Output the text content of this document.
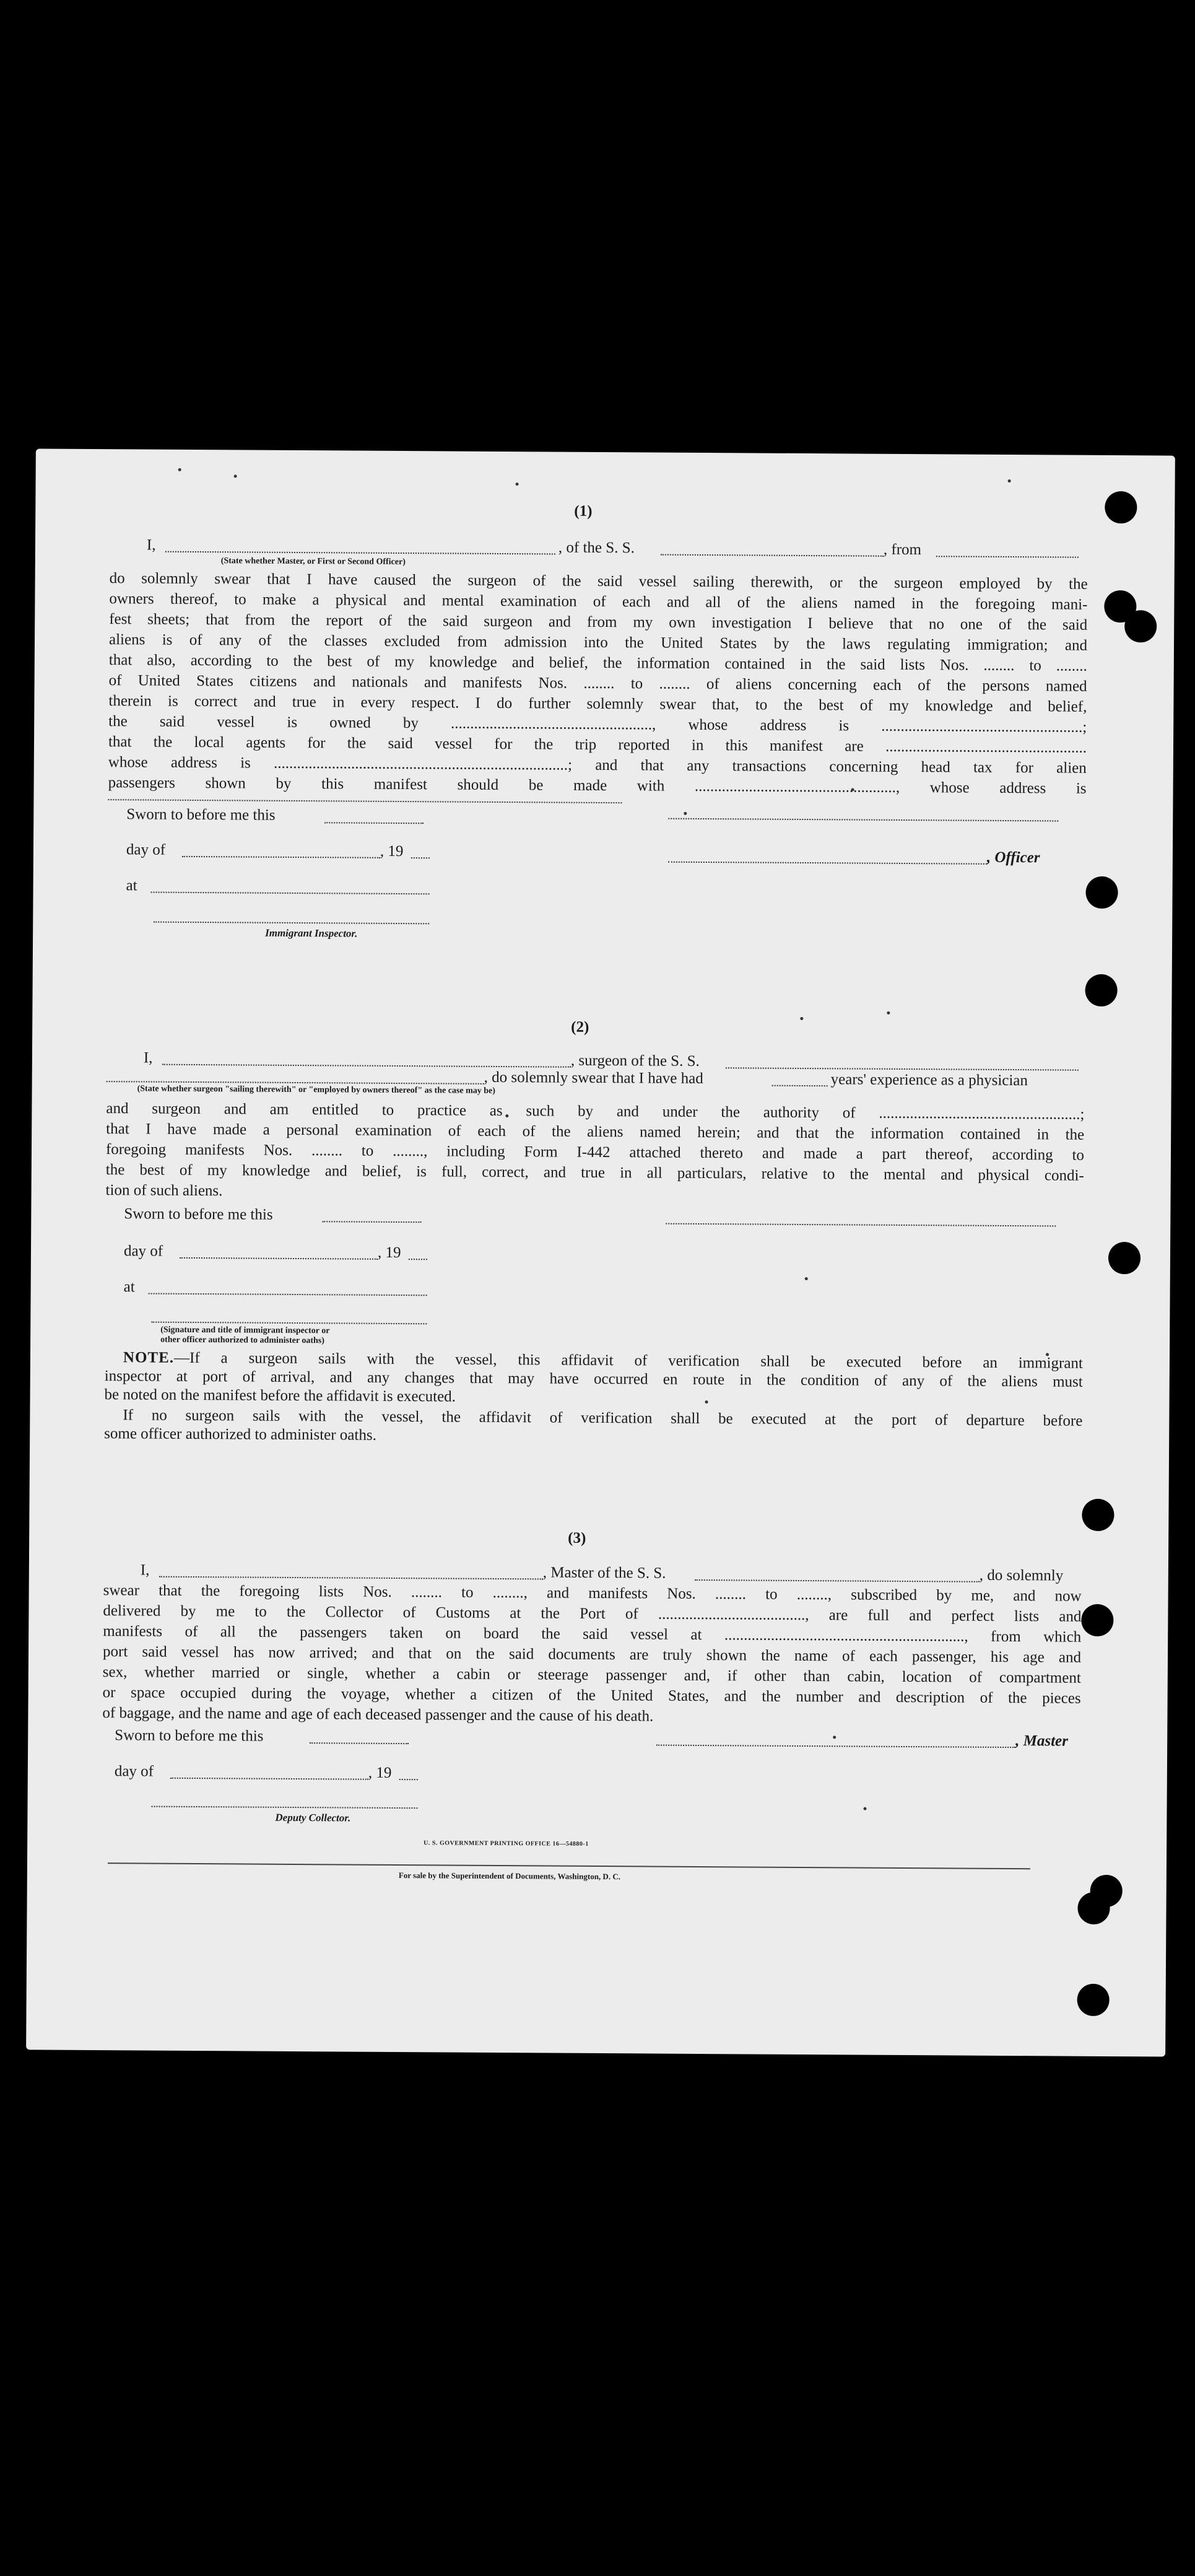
(1)
I,	, of the S. S.	, from
(State whether Master, or First or Second Officer)
do solemnly swear that I have caused the surgeon of the said vessel sailing therewith, or the surgeon employed by the
owners thereof, to make a physical and mental examination of each and all of the aliens named in the foregoing mani-
fest sheets; that from the report of the said surgeon and from my own investigation I believe that no one of the said
aliens is of any of the classes excluded from admission into the United States by the laws regulating immigration; and
that also, according to the best of my knowledge and belief, the information contained in the said lists Nos. ........ to ........
of United States citizens and nationals and manifests Nos. ........ to ........ of aliens concerning each of the persons named
therein is correct and true in every respect. I do further solemnly swear that, to the best of my knowledge and belief,
the said vessel is owned by ...................................................., whose address is ....................................................;
that the local agents for the said vessel for the trip reported in this manifest are ....................................................
whose address is ............................................................................; and that any transactions concerning head tax for alien
passengers shown by this manifest should be made with ...................................................., whose address is
Sworn to before me this
day of	, 19	, Officer
at
Immigrant Inspector.
(2)
I,	, surgeon of the S. S.
, do solemnly swear that I have had	years' experience as a physician
(State whether surgeon "sailing therewith" or "employed by owners thereof" as the case may be)
and surgeon and am entitled to practice as such by and under the authority of ....................................................;
that I have made a personal examination of each of the aliens named herein; and that the information contained in the
foregoing manifests Nos. ........ to ........, including Form I-442 attached thereto and made a part thereof, according to
the best of my knowledge and belief, is full, correct, and true in all particulars, relative to the mental and physical condi-
tion of such aliens.
Sworn to before me this
day of	, 19
at
(Signature and title of immigrant inspector or
other officer authorized to administer oaths)
NOTE.—If a surgeon sails with the vessel, this affidavit of verification shall be executed before an immigrant
inspector at port of arrival, and any changes that may have occurred en route in the condition of any of the aliens must
be noted on the manifest before the affidavit is executed.
If no surgeon sails with the vessel, the affidavit of verification shall be executed at the port of departure before
some officer authorized to administer oaths.
(3)
I,	, Master of the S. S.	, do solemnly
swear that the foregoing lists Nos. ........ to ........, and manifests Nos. ........ to ........, subscribed by me, and now
delivered by me to the Collector of Customs at the Port of ......................................, are full and perfect lists and
manifests of all the passengers taken on board the said vessel at .............................................................., from which
port said vessel has now arrived; and that on the said documents are truly shown the name of each passenger, his age and
sex, whether married or single, whether a cabin or steerage passenger and, if other than cabin, location of compartment
or space occupied during the voyage, whether a citizen of the United States, and the number and description of the pieces
of baggage, and the name and age of each deceased passenger and the cause of his death.
Sworn to before me this	, Master
day of	, 19
Deputy Collector.
U. S. GOVERNMENT PRINTING OFFICE 16—54880-1
For sale by the Superintendent of Documents, Washington, D. C.
